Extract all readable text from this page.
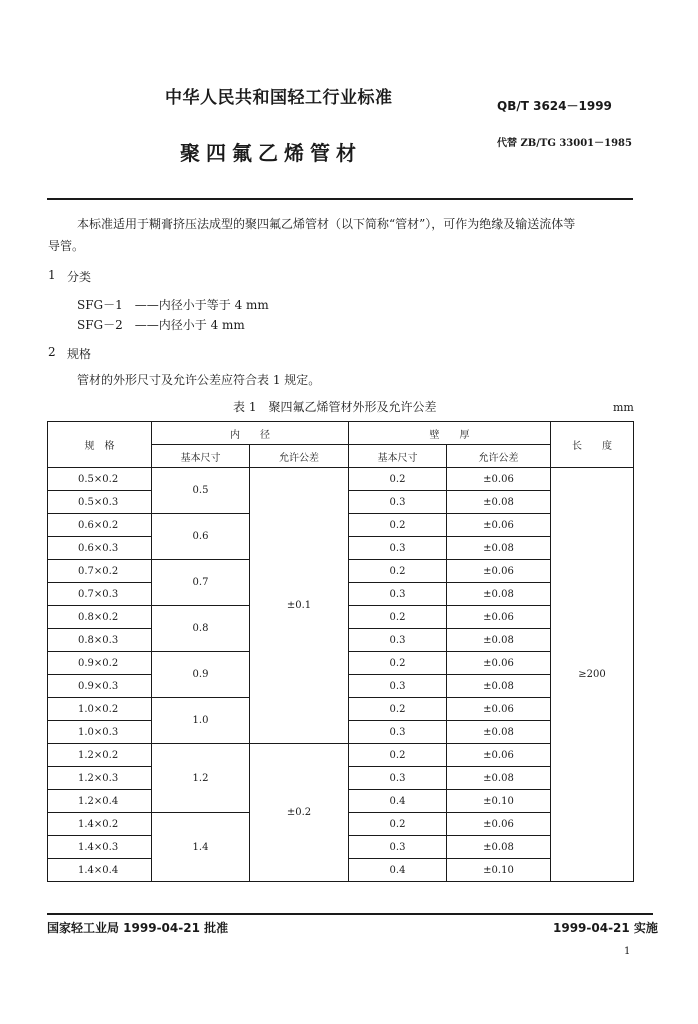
中华人民共和国轻工行业标准	QB/T 3624－1999
聚四氟乙烯管材	代替 ZB/TG 33001－1985
本标准适用于糊膏挤压法成型的聚四氟乙烯管材（以下简称“管材”），可作为绝缘及输送流体等
导管。
1 分类
SFG－1　——内径小于等于 4 mm
SFG－2　——内径小于 4 mm
2 规格
管材的外形尺寸及允许公差应符合表 1 规定。
表 1　聚四氟乙烯管材外形及允许公差	mm
规　格	内　　径		壁　　厚		长　　度
	基本尺寸	允许公差	基本尺寸	允许公差	
0.5×0.2	0.5	±0.1	0.2	±0.06	≥200
0.5×0.3			0.3	±0.08	
0.6×0.2	0.6		0.2	±0.06	
0.6×0.3			0.3	±0.08	
0.7×0.2	0.7		0.2	±0.06	
0.7×0.3			0.3	±0.08	
0.8×0.2	0.8		0.2	±0.06	
0.8×0.3			0.3	±0.08	
0.9×0.2	0.9		0.2	±0.06	
0.9×0.3			0.3	±0.08	
1.0×0.2	1.0		0.2	±0.06	
1.0×0.3			0.3	±0.08	
1.2×0.2	1.2	±0.2	0.2	±0.06	
1.2×0.3			0.3	±0.08	
1.2×0.4			0.4	±0.10	
1.4×0.2	1.4		0.2	±0.06	
1.4×0.3			0.3	±0.08	
1.4×0.4			0.4	±0.10	
国家轻工业局 1999-04-21 批准	1999-04-21 实施
1
